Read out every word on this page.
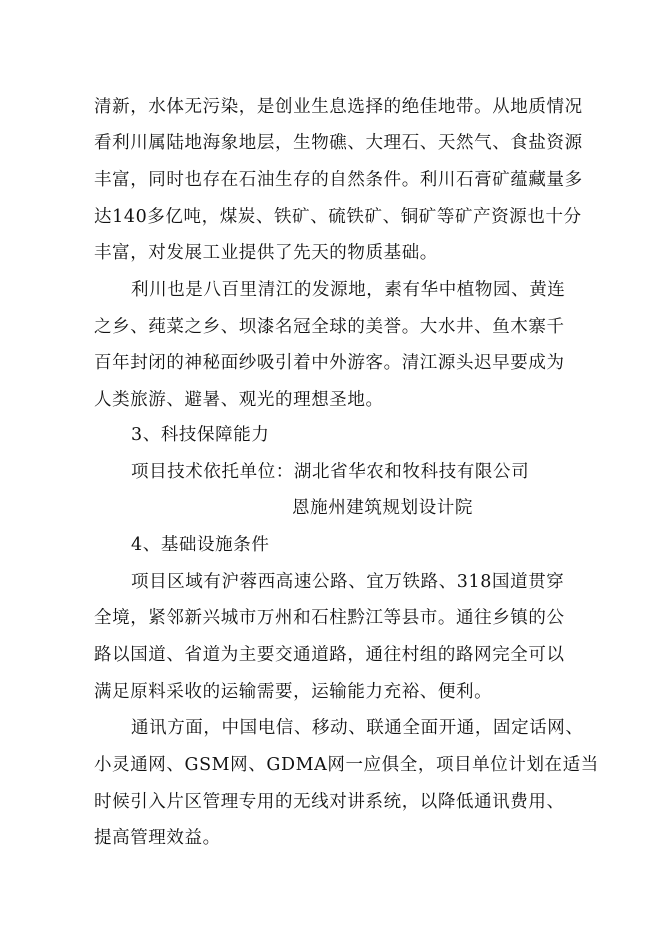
清新，水体无污染，是创业生息选择的绝佳地带。从地质情况
看利川属陆地海象地层，生物礁、大理石、天然气、食盐资源
丰富，同时也存在石油生存的自然条件。利川石膏矿蕴藏量多
达140多亿吨，煤炭、铁矿、硫铁矿、铜矿等矿产资源也十分
丰富，对发展工业提供了先天的物质基础。
利川也是八百里清江的发源地，素有华中植物园、黄连
之乡、莼菜之乡、坝漆名冠全球的美誉。大水井、鱼木寨千
百年封闭的神秘面纱吸引着中外游客。清江源头迟早要成为
人类旅游、避暑、观光的理想圣地。
3、科技保障能力
项目技术依托单位：湖北省华农和牧科技有限公司
恩施州建筑规划设计院
4、基础设施条件
项目区域有沪蓉西高速公路、宜万铁路、318国道贯穿
全境，紧邻新兴城市万州和石柱黔江等县市。通往乡镇的公
路以国道、省道为主要交通道路，通往村组的路网完全可以
满足原料采收的运输需要，运输能力充裕、便利。
通讯方面，中国电信、移动、联通全面开通，固定话网、
小灵通网、GSM网、GDMA网一应俱全，项目单位计划在适当
时候引入片区管理专用的无线对讲系统，以降低通讯费用、
提高管理效益。
